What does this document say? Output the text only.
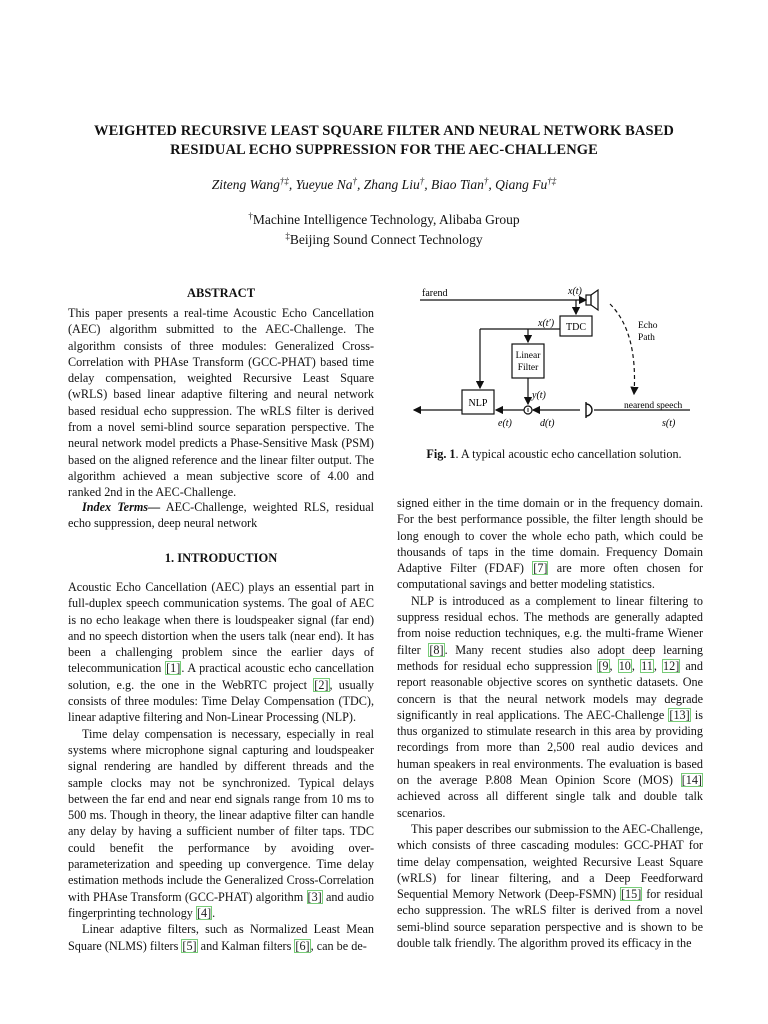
WEIGHTED RECURSIVE LEAST SQUARE FILTER AND NEURAL NETWORK BASED RESIDUAL ECHO SUPPRESSION FOR THE AEC-CHALLENGE
Ziteng Wang†‡, Yueyue Na†, Zhang Liu†, Biao Tian†, Qiang Fu†‡
†Machine Intelligence Technology, Alibaba Group
‡Beijing Sound Connect Technology
ABSTRACT

This paper presents a real-time Acoustic Echo Cancellation (AEC) algorithm submitted to the AEC-Challenge. The algorithm consists of three modules: Generalized Cross-Correlation with PHAse Transform (GCC-PHAT) based time delay compensation, weighted Recursive Least Square (wRLS) based linear adaptive filtering and neural network based residual echo suppression. The wRLS filter is derived from a novel semi-blind source separation perspective. The neural network model predicts a Phase-Sensitive Mask (PSM) based on the aligned reference and the linear filter output. The algorithm achieved a mean subjective score of 4.00 and ranked 2nd in the AEC-Challenge.

Index Terms— AEC-Challenge, weighted RLS, residual echo suppression, deep neural network

1. INTRODUCTION

Acoustic Echo Cancellation (AEC) plays an essential part in full-duplex speech communication systems. The goal of AEC is no echo leakage when there is loudspeaker signal (far end) and no speech distortion when the users talk (near end). It has been a challenging problem since the earlier days of telecommunication [1]. A practical acoustic echo cancellation solution, e.g. the one in the WebRTC project [2], usually consists of three modules: Time Delay Compensation (TDC), linear adaptive filtering and Non-Linear Processing (NLP).

Time delay compensation is necessary, especially in real systems where microphone signal capturing and loudspeaker signal rendering are handled by different threads and the sample clocks may not be synchronized. Typical delays between the far end and near end signals range from 10 ms to 500 ms. Though in theory, the linear adaptive filter can handle any delay by having a sufficient number of filter taps. TDC could benefit the performance by avoiding over-parameterization and speeding up convergence. Time delay estimation methods include the Generalized Cross-Correlation with PHAse Transform (GCC-PHAT) algorithm [3] and audio fingerprinting technology [4].

Linear adaptive filters, such as Normalized Least Mean Square (NLMS) filters [5] and Kalman filters [6], can be de-

farend	x(t)
TDC
x(t′)
Linear
Filter
y(t)
NLP
e(t)	d(t)
nearend speech
s(t)
Echo
Path
Fig. 1. A typical acoustic echo cancellation solution.

signed either in the time domain or in the frequency domain. For the best performance possible, the filter length should be long enough to cover the whole echo path, which could be thousands of taps in the time domain. Frequency Domain Adaptive Filter (FDAF) [7] are more often chosen for computational savings and better modeling statistics.

NLP is introduced as a complement to linear filtering to suppress residual echos. The methods are generally adapted from noise reduction techniques, e.g. the multi-frame Wiener filter [8]. Many recent studies also adopt deep learning methods for residual echo suppression [9, 10, 11, 12] and report reasonable objective scores on synthetic datasets. One concern is that the neural network models may degrade significantly in real applications. The AEC-Challenge [13] is thus organized to stimulate research in this area by providing recordings from more than 2,500 real audio devices and human speakers in real environments. The evaluation is based on the average P.808 Mean Opinion Score (MOS) [14] achieved across all different single talk and double talk scenarios.

This paper describes our submission to the AEC-Challenge, which consists of three cascading modules: GCC-PHAT for time delay compensation, weighted Recursive Least Square (wRLS) for linear filtering, and a Deep Feedforward Sequential Memory Network (Deep-FSMN) [15] for residual echo suppression. The wRLS filter is derived from a novel semi-blind source separation perspective and is shown to be double talk friendly. The algorithm proved its efficacy in the
